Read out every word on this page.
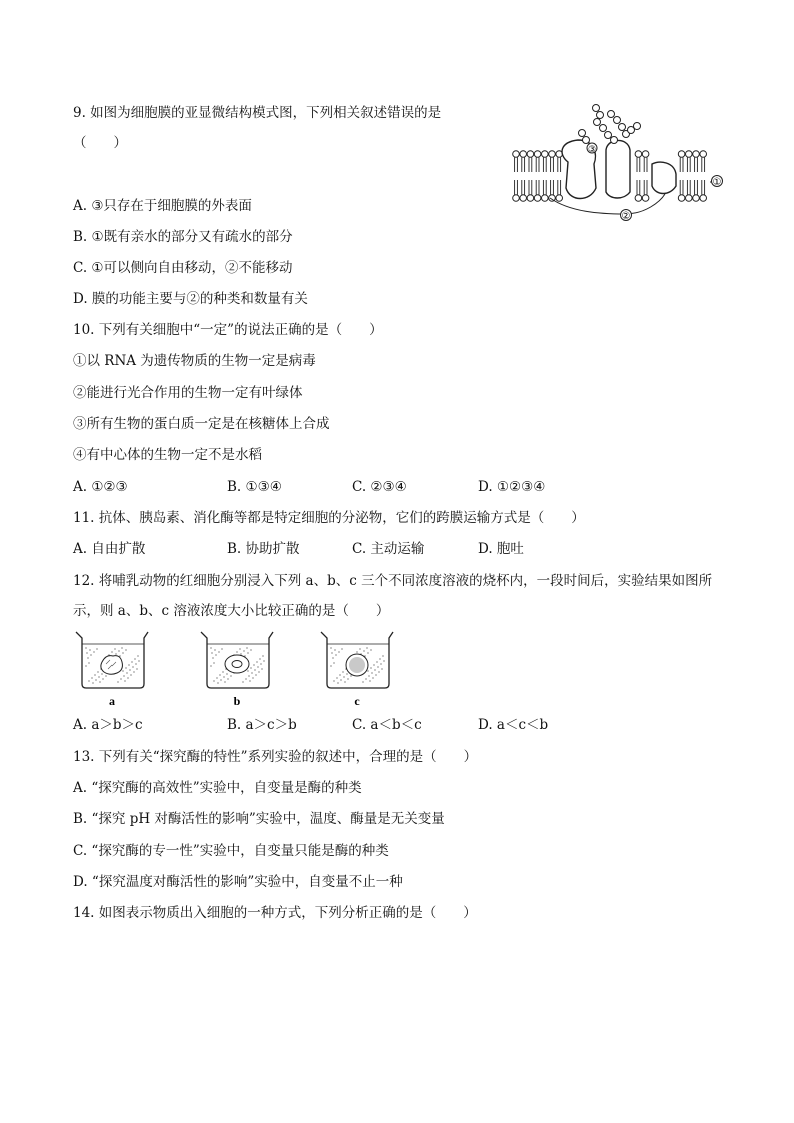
9. 如图为细胞膜的亚显微结构模式图，下列相关叙述错误的是
（　　）
①
②
③
A. ③只存在于细胞膜的外表面
B. ①既有亲水的部分又有疏水的部分
C. ①可以侧向自由移动，②不能移动
D. 膜的功能主要与②的种类和数量有关
10. 下列有关细胞中“一定”的说法正确的是（　　）
①以 RNA 为遗传物质的生物一定是病毒
②能进行光合作用的生物一定有叶绿体
③所有生物的蛋白质一定是在核糖体上合成
④有中心体的生物一定不是水稻
A. ①②③	B. ①③④	C. ②③④	D. ①②③④
11. 抗体、胰岛素、消化酶等都是特定细胞的分泌物，它们的跨膜运输方式是（　　）
A. 自由扩散	B. 协助扩散	C. 主动运输	D. 胞吐
12. 将哺乳动物的红细胞分别浸入下列 a、b、c 三个不同浓度溶液的烧杯内，一段时间后，实验结果如图所
示，则 a、b、c 溶液浓度大小比较正确的是（　　）
a	b	c
A. a＞b＞c	B. a＞c＞b	C. a＜b＜c	D. a＜c＜b
13. 下列有关“探究酶的特性”系列实验的叙述中，合理的是（　　）
A. “探究酶的高效性”实验中，自变量是酶的种类
B. “探究 pH 对酶活性的影响”实验中，温度、酶量是无关变量
C. “探究酶的专一性”实验中，自变量只能是酶的种类
D. “探究温度对酶活性的影响”实验中，自变量不止一种
14. 如图表示物质出入细胞的一种方式，下列分析正确的是（　　）
